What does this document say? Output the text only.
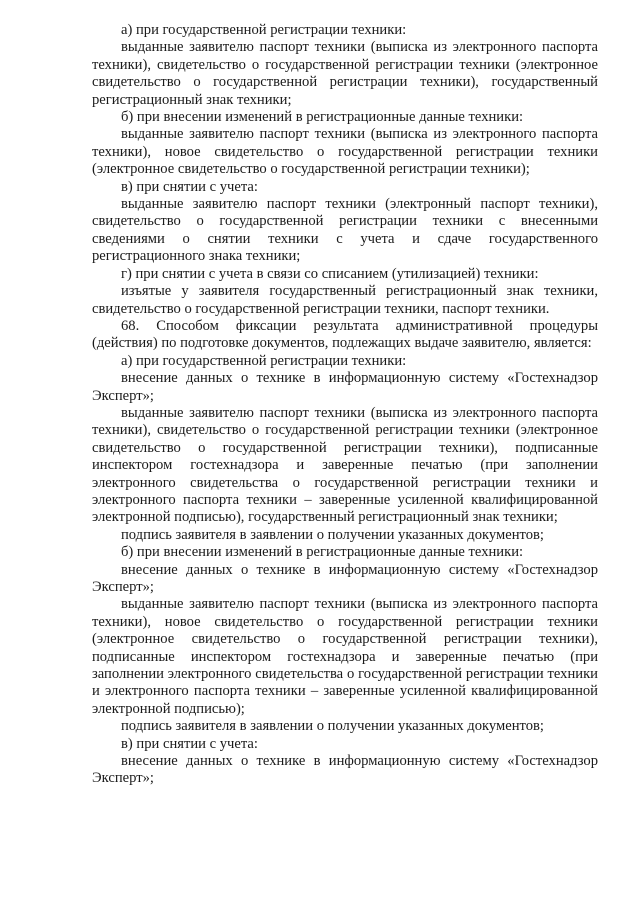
а) при государственной регистрации техники:

выданные заявителю паспорт техники (выписка из электронного паспорта техники), свидетельство о государственной регистрации техники (электронное свидетельство о государственной регистрации техники), государственный регистрационный знак техники;

б) при внесении изменений в регистрационные данные техники:

выданные заявителю паспорт техники (выписка из электронного паспорта техники), новое свидетельство о государственной регистрации техники (электронное свидетельство о государственной регистрации техники);

в) при снятии с учета:

выданные заявителю паспорт техники (электронный паспорт техники), свидетельство о государственной регистрации техники с внесенными сведениями о снятии техники с учета и сдаче государственного регистрационного знака техники;

г) при снятии с учета в связи со списанием (утилизацией) техники:

изъятые у заявителя государственный регистрационный знак техники, свидетельство о государственной регистрации техники, паспорт техники.

68. Способом фиксации результата административной процедуры (действия) по подготовке документов, подлежащих выдаче заявителю, является:

а) при государственной регистрации техники:

внесение данных о технике в информационную систему «Гостехнадзор Эксперт»;

выданные заявителю паспорт техники (выписка из электронного паспорта техники), свидетельство о государственной регистрации техники (электронное свидетельство о государственной регистрации техники), подписанные инспектором гостехнадзора и заверенные печатью (при заполнении электронного свидетельства о государственной регистрации техники и электронного паспорта техники – заверенные усиленной квалифицированной электронной подписью), государственный регистрационный знак техники;

подпись заявителя в заявлении о получении указанных документов;

б) при внесении изменений в регистрационные данные техники:

внесение данных о технике в информационную систему «Гостехнадзор Эксперт»;

выданные заявителю паспорт техники (выписка из электронного паспорта техники), новое свидетельство о государственной регистрации техники (электронное свидетельство о государственной регистрации техники), подписанные инспектором гостехнадзора и заверенные печатью (при заполнении электронного свидетельства о государственной регистрации техники и электронного паспорта техники – заверенные усиленной квалифицированной электронной подписью);

подпись заявителя в заявлении о получении указанных документов;

в) при снятии с учета:

внесение данных о технике в информационную систему «Гостехнадзор Эксперт»;
